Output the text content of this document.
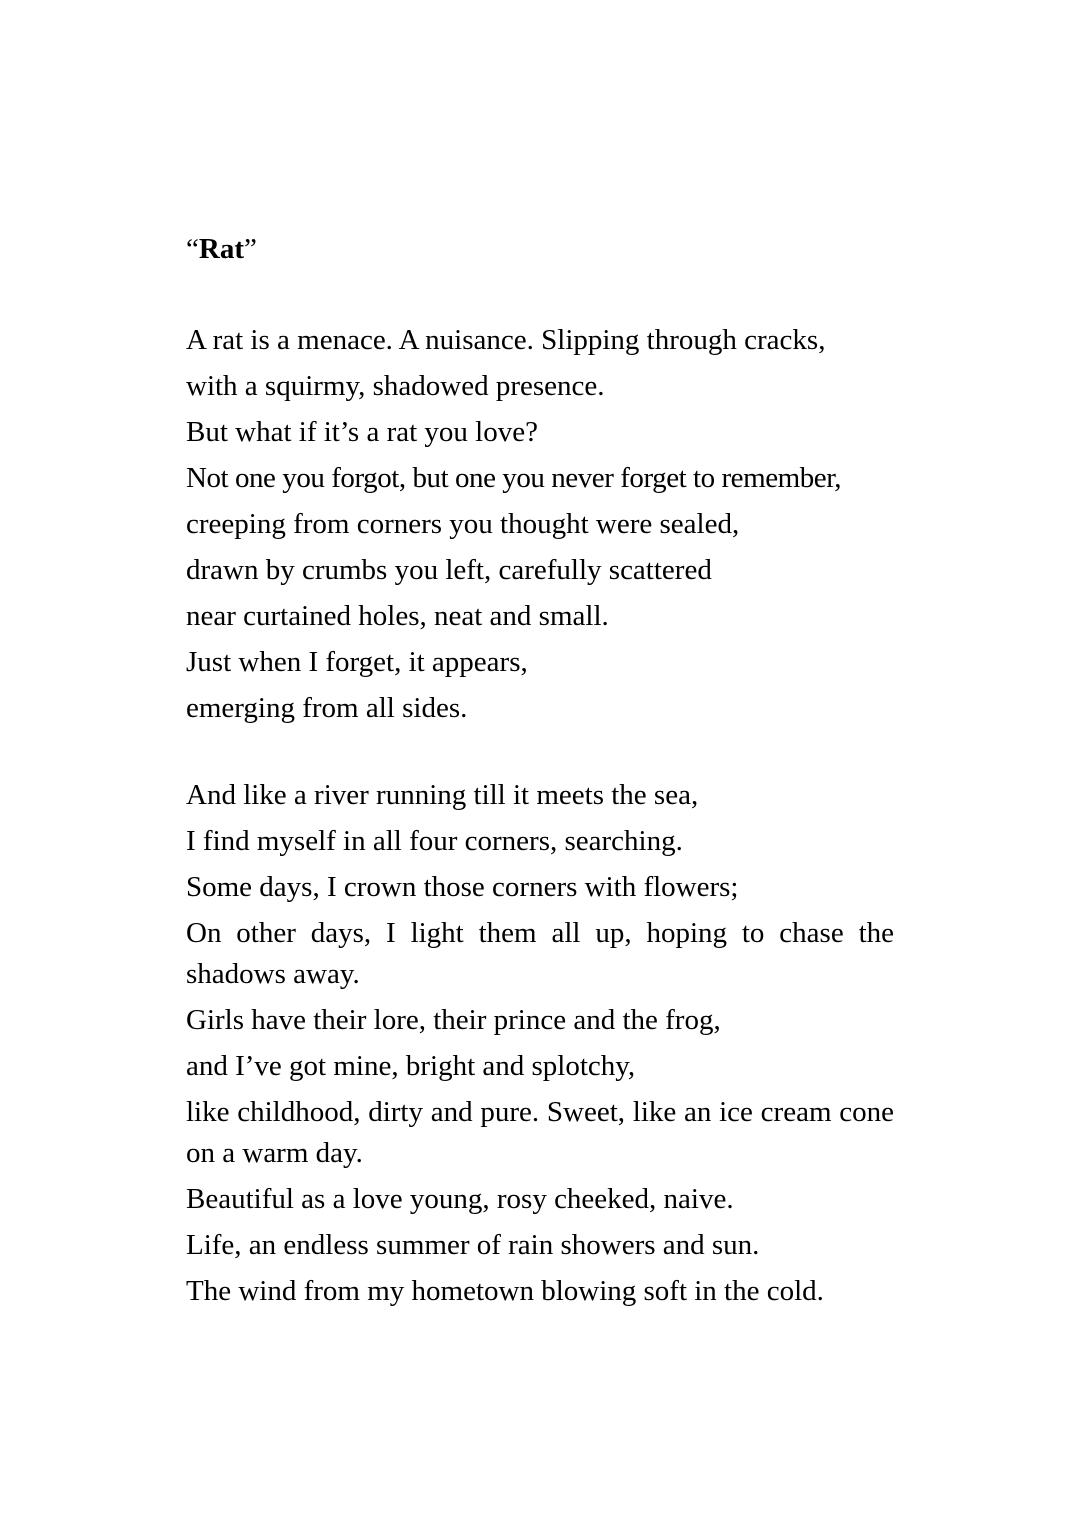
“Rat”
A rat is a menace. A nuisance. Slipping through cracks,
with a squirmy, shadowed presence.
But what if it’s a rat you love?
Not one you forgot, but one you never forget to remember,
creeping from corners you thought were sealed,
drawn by crumbs you left, carefully scattered
near curtained holes, neat and small.
Just when I forget, it appears,
emerging from all sides.
And like a river running till it meets the sea,
I find myself in all four corners, searching.
Some days, I crown those corners with flowers;
On other days, I light them all up, hoping to chase the shadows away.
Girls have their lore, their prince and the frog,
and I’ve got mine, bright and splotchy,
like childhood, dirty and pure. Sweet, like an ice cream cone on a warm day.
Beautiful as a love young, rosy cheeked, naive.
Life, an endless summer of rain showers and sun.
The wind from my hometown blowing soft in the cold.
